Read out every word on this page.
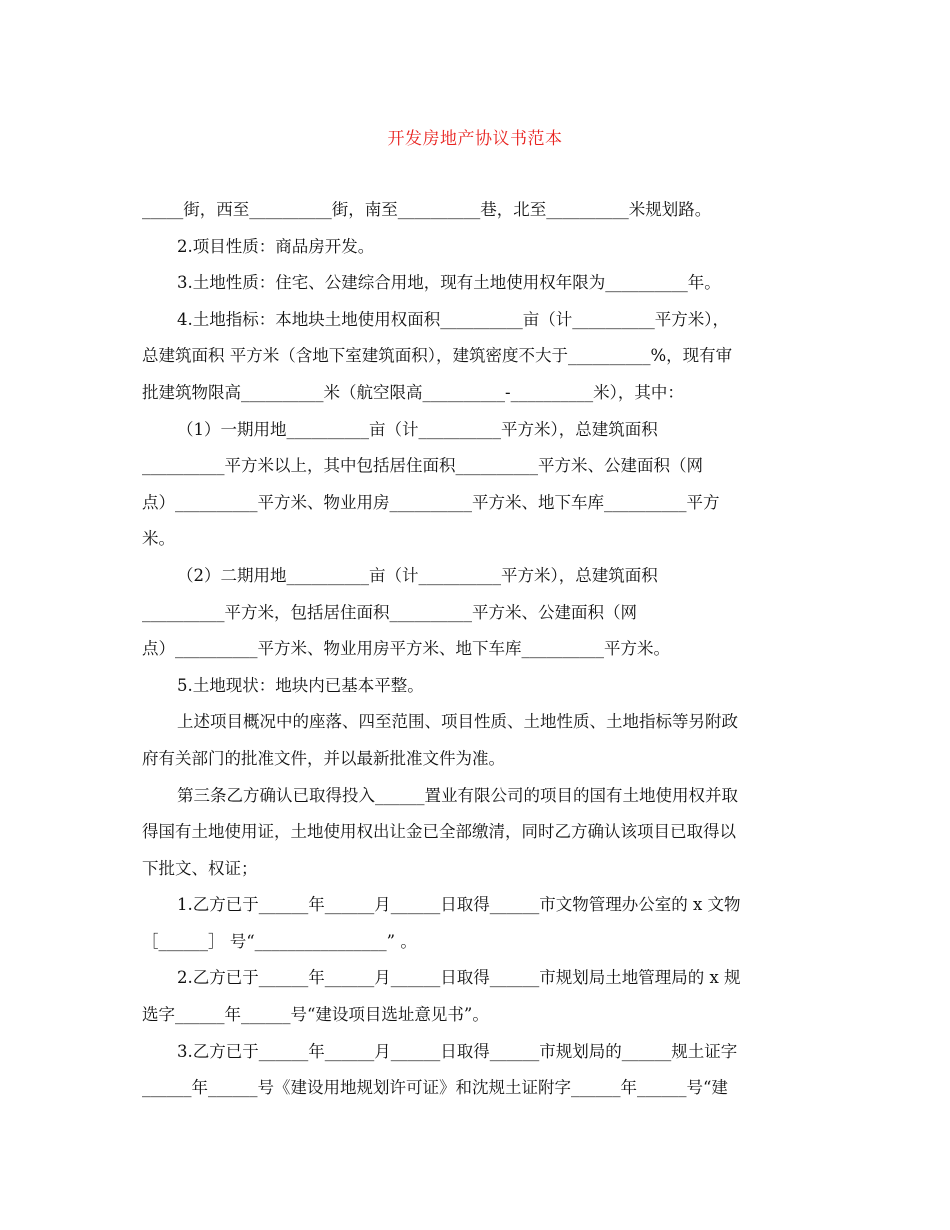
开发房地产协议书范本
_____街，西至__________街，南至__________巷，北至__________米规划路。
2.项目性质：商品房开发。
3.土地性质：住宅、公建综合用地，现有土地使用权年限为__________年。
4.土地指标：本地块土地使用权面积__________亩（计__________平方米），
总建筑面积 平方米（含地下室建筑面积），建筑密度不大于__________%，现有审
批建筑物限高__________米（航空限高__________-__________米），其中：
（1）一期用地__________亩（计__________平方米），总建筑面积
__________平方米以上，其中包括居住面积__________平方米、公建面积（网
点）__________平方米、物业用房__________平方米、地下车库__________平方
米。
（2）二期用地__________亩（计__________平方米），总建筑面积
__________平方米，包括居住面积__________平方米、公建面积（网
点）__________平方米、物业用房平方米、地下车库__________平方米。
5.土地现状：地块内已基本平整。
上述项目概况中的座落、四至范围、项目性质、土地性质、土地指标等另附政
府有关部门的批准文件，并以最新批准文件为准。
第三条乙方确认已取得投入______置业有限公司的项目的国有土地使用权并取
得国有土地使用证，土地使用权出让金已全部缴清，同时乙方确认该项目已取得以
下批文、权证；
1.乙方已于______年______月______日取得______市文物管理办公室的 x 文物
［______］ 号“________________” 。
2.乙方已于______年______月______日取得______市规划局土地管理局的 x 规
选字______年______号“建设项目选址意见书”。
3.乙方已于______年______月______日取得______市规划局的______规土证字
______年______号《建设用地规划许可证》和沈规土证附字______年______号“建
